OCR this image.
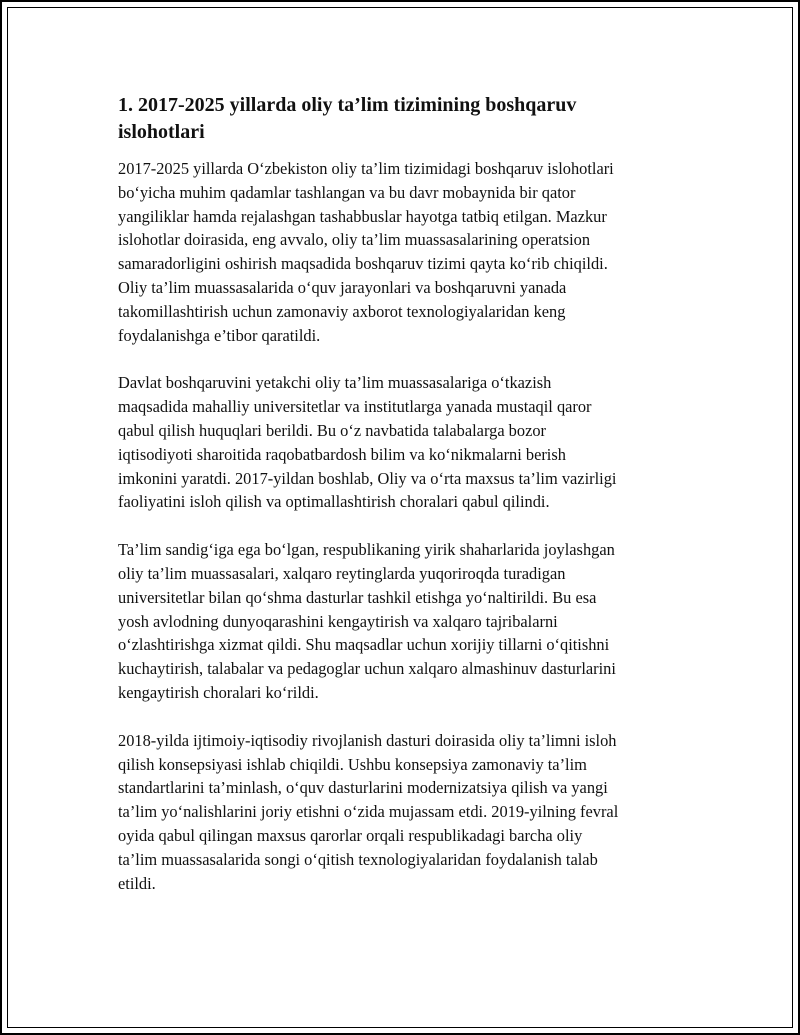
1. 2017-2025 yillarda oliy ta’lim tizimining boshqaruv
islohotlari

2017-2025 yillarda O‘zbekiston oliy ta’lim tizimidagi boshqaruv islohotlari
bo‘yicha muhim qadamlar tashlangan va bu davr mobaynida bir qator
yangiliklar hamda rejalashgan tashabbuslar hayotga tatbiq etilgan. Mazkur
islohotlar doirasida, eng avvalo, oliy ta’lim muassasalarining operatsion
samaradorligini oshirish maqsadida boshqaruv tizimi qayta ko‘rib chiqildi.
Oliy ta’lim muassasalarida o‘quv jarayonlari va boshqaruvni yanada
takomillashtirish uchun zamonaviy axborot texnologiyalaridan keng
foydalanishga e’tibor qaratildi.

Davlat boshqaruvini yetakchi oliy ta’lim muassasalariga o‘tkazish
maqsadida mahalliy universitetlar va institutlarga yanada mustaqil qaror
qabul qilish huquqlari berildi. Bu o‘z navbatida talabalarga bozor
iqtisodiyoti sharoitida raqobatbardosh bilim va ko‘nikmalarni berish
imkonini yaratdi. 2017-yildan boshlab, Oliy va o‘rta maxsus ta’lim vazirligi
faoliyatini isloh qilish va optimallashtirish choralari qabul qilindi.

Ta’lim sandig‘iga ega bo‘lgan, respublikaning yirik shaharlarida joylashgan
oliy ta’lim muassasalari, xalqaro reytinglarda yuqoriroqda turadigan
universitetlar bilan qo‘shma dasturlar tashkil etishga yo‘naltirildi. Bu esa
yosh avlodning dunyoqarashini kengaytirish va xalqaro tajribalarni
o‘zlashtirishga xizmat qildi. Shu maqsadlar uchun xorijiy tillarni o‘qitishni
kuchaytirish, talabalar va pedagoglar uchun xalqaro almashinuv dasturlarini
kengaytirish choralari ko‘rildi.

2018-yilda ijtimoiy-iqtisodiy rivojlanish dasturi doirasida oliy ta’limni isloh
qilish konsepsiyasi ishlab chiqildi. Ushbu konsepsiya zamonaviy ta’lim
standartlarini ta’minlash, o‘quv dasturlarini modernizatsiya qilish va yangi
ta’lim yo‘nalishlarini joriy etishni o‘zida mujassam etdi. 2019-yilning fevral
oyida qabul qilingan maxsus qarorlar orqali respublikadagi barcha oliy
ta’lim muassasalarida songi o‘qitish texnologiyalaridan foydalanish talab
etildi.
